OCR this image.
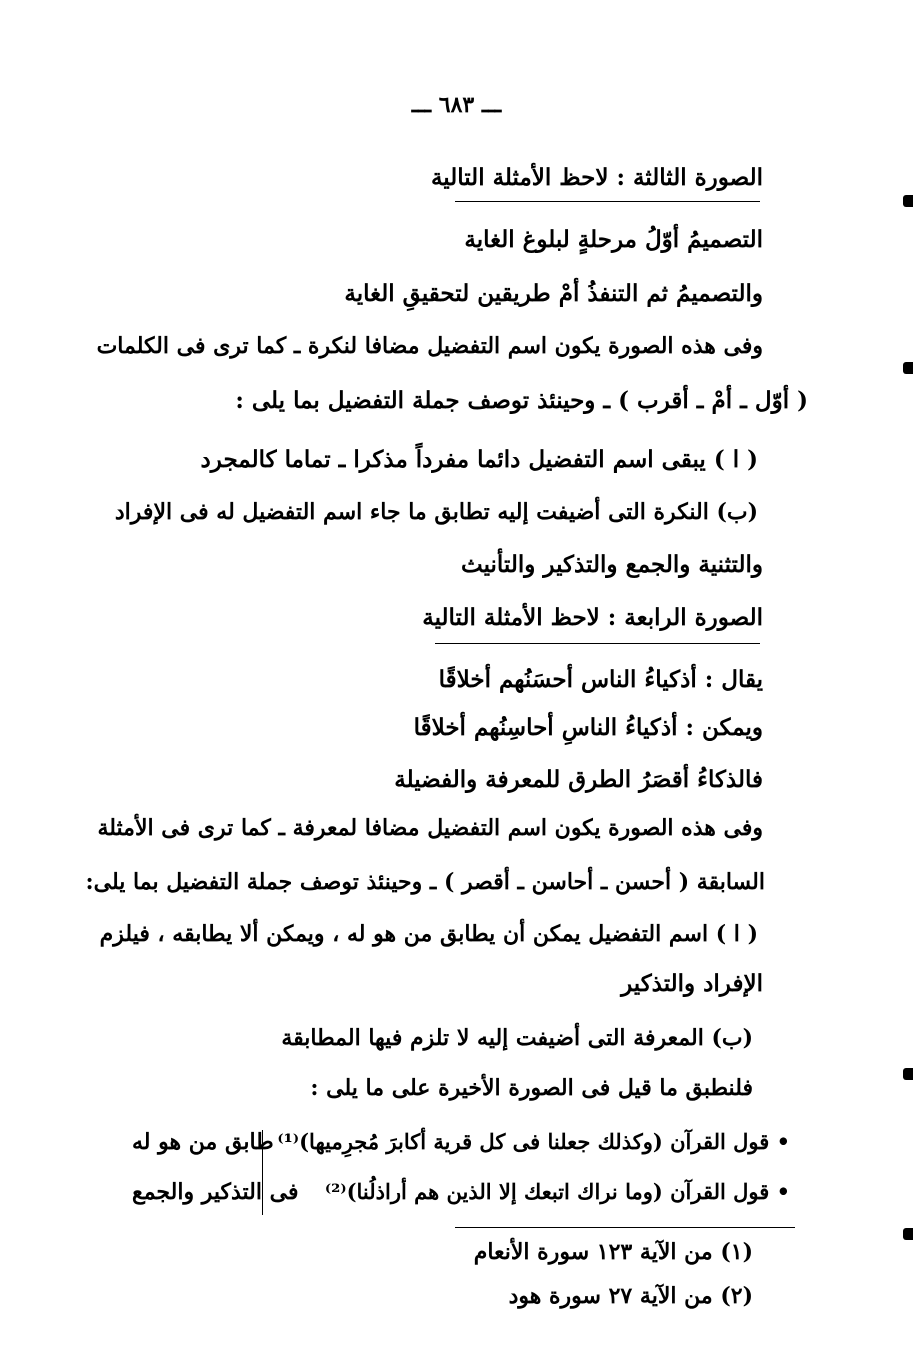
ـــ ٦٨٣ ـــ
الصورة الثالثة : لاحظ الأمثلة التالية
التصميمُ أوّلُ مرحلةٍ لبلوغ الغاية
والتصميمُ ثم التنفذُ أمْ طريقين لتحقيقِ الغاية
وفى هذه الصورة يكون اسم التفضيل مضافا لنكرة ـ كما ترى فى الكلمات
( أوّل ـ أمْ ـ أقرب ) ـ وحينئذ توصف جملة التفضيل بما يلى :
( ا ) يبقى اسم التفضيل دائما مفرداً مذكرا ـ تماما كالمجرد
(ب) النكرة التى أضيفت إليه تطابق ما جاء اسم التفضيل له فى الإفراد
والتثنية والجمع والتذكير والتأنيث
الصورة الرابعة : لاحظ الأمثلة التالية
يقال : أذكياءُ الناس أحسَنُهم أخلاقًا
ويمكن : أذكياءُ الناسِ أحاسِنُهم أخلاقًا
فالذكاءُ أقصَرُ الطرق للمعرفة والفضيلة
وفى هذه الصورة يكون اسم التفضيل مضافا لمعرفة ـ كما ترى فى الأمثلة
السابقة ( أحسن ـ أحاسن ـ أقصر ) ـ وحينئذ توصف جملة التفضيل بما يلى:
( ا ) اسم التفضيل يمكن أن يطابق من هو له ، ويمكن ألا يطابقه ، فيلزم
الإفراد والتذكير
(ب) المعرفة التى أضيفت إليه لا تلزم فيها المطابقة
فلنطبق ما قيل فى الصورة الأخيرة على ما يلى :
• قول القرآن (وكذلك جعلنا فى كل قرية أكابرَ مُجرِميها)⁽¹⁾
• قول القرآن (وما نراك اتبعك إلا الذين هم أراذلُنا)⁽²⁾
طابق من هو له
فى التذكير والجمع
(١) من الآية ١٢٣ سورة الأنعام
(٢) من الآية ٢٧ سورة هود
